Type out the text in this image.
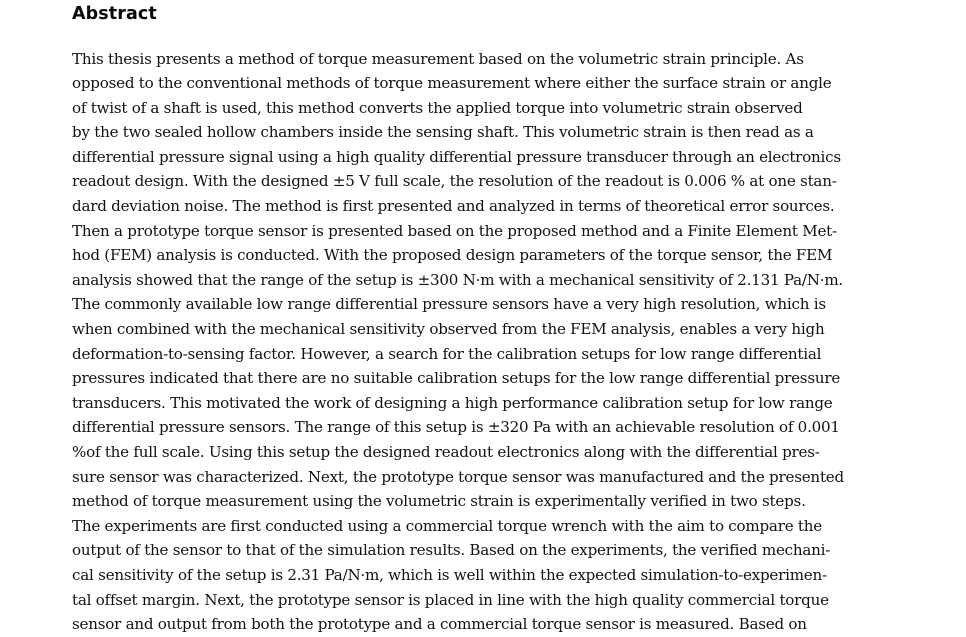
Abstract
This thesis presents a method of torque measurement based on the volumetric strain principle. As
opposed to the conventional methods of torque measurement where either the surface strain or angle
of twist of a shaft is used, this method converts the applied torque into volumetric strain observed
by the two sealed hollow chambers inside the sensing shaft. This volumetric strain is then read as a
differential pressure signal using a high quality differential pressure transducer through an electronics
readout design. With the designed ±5 V full scale, the resolution of the readout is 0.006 % at one stan-
dard deviation noise. The method is first presented and analyzed in terms of theoretical error sources.
Then a prototype torque sensor is presented based on the proposed method and a Finite Element Met-
hod (FEM) analysis is conducted. With the proposed design parameters of the torque sensor, the FEM
analysis showed that the range of the setup is ±300 N·m with a mechanical sensitivity of 2.131 Pa/N·m.
The commonly available low range differential pressure sensors have a very high resolution, which is
when combined with the mechanical sensitivity observed from the FEM analysis, enables a very high
deformation-to-sensing factor. However, a search for the calibration setups for low range differential
pressures indicated that there are no suitable calibration setups for the low range differential pressure
transducers. This motivated the work of designing a high performance calibration setup for low range
differential pressure sensors. The range of this setup is ±320 Pa with an achievable resolution of 0.001
%of the full scale. Using this setup the designed readout electronics along with the differential pres-
sure sensor was characterized. Next, the prototype torque sensor was manufactured and the presented
method of torque measurement using the volumetric strain is experimentally verified in two steps.
The experiments are first conducted using a commercial torque wrench with the aim to compare the
output of the sensor to that of the simulation results. Based on the experiments, the verified mechani-
cal sensitivity of the setup is 2.31 Pa/N·m, which is well within the expected simulation-to-experimen-
tal offset margin. Next, the prototype sensor is placed in line with the high quality commercial torque
sensor and output from both the prototype and a commercial torque sensor is measured. Based on
